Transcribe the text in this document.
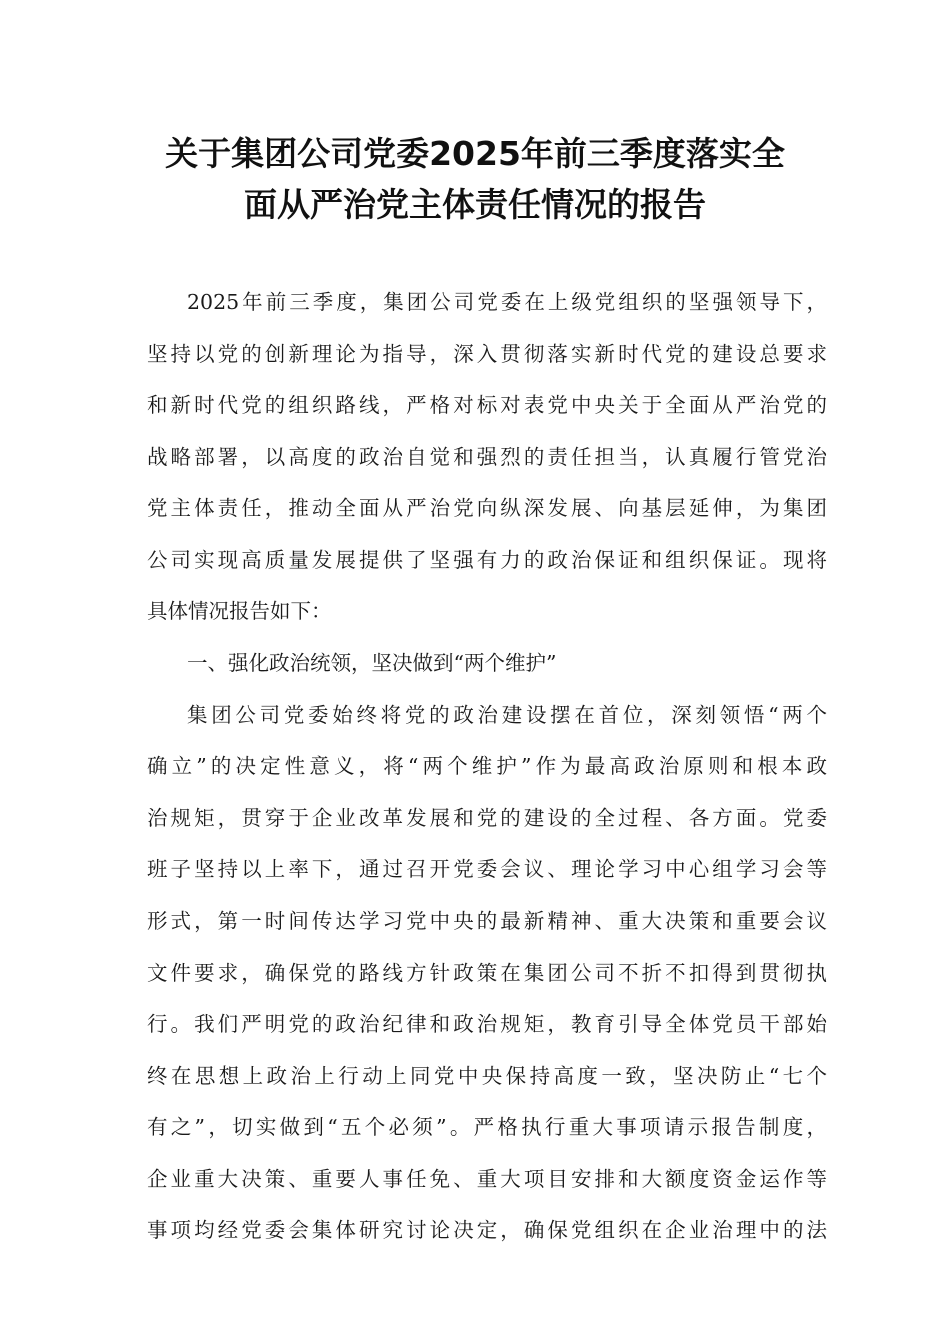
关于集团公司党委2025年前三季度落实全
面从严治党主体责任情况的报告
2025年前三季度，集团公司党委在上级党组织的坚强领导下，
坚持以党的创新理论为指导，深入贯彻落实新时代党的建设总要求
和新时代党的组织路线，严格对标对表党中央关于全面从严治党的
战略部署，以高度的政治自觉和强烈的责任担当，认真履行管党治
党主体责任，推动全面从严治党向纵深发展、向基层延伸，为集团
公司实现高质量发展提供了坚强有力的政治保证和组织保证。现将
具体情况报告如下：
一、强化政治统领，坚决做到“两个维护”
集团公司党委始终将党的政治建设摆在首位，深刻领悟“两个
确立”的决定性意义，将“两个维护”作为最高政治原则和根本政
治规矩，贯穿于企业改革发展和党的建设的全过程、各方面。党委
班子坚持以上率下，通过召开党委会议、理论学习中心组学习会等
形式，第一时间传达学习党中央的最新精神、重大决策和重要会议
文件要求，确保党的路线方针政策在集团公司不折不扣得到贯彻执
行。我们严明党的政治纪律和政治规矩，教育引导全体党员干部始
终在思想上政治上行动上同党中央保持高度一致，坚决防止“七个
有之”，切实做到“五个必须”。严格执行重大事项请示报告制度，
企业重大决策、重要人事任免、重大项目安排和大额度资金运作等
事项均经党委会集体研究讨论决定，确保党组织在企业治理中的法
